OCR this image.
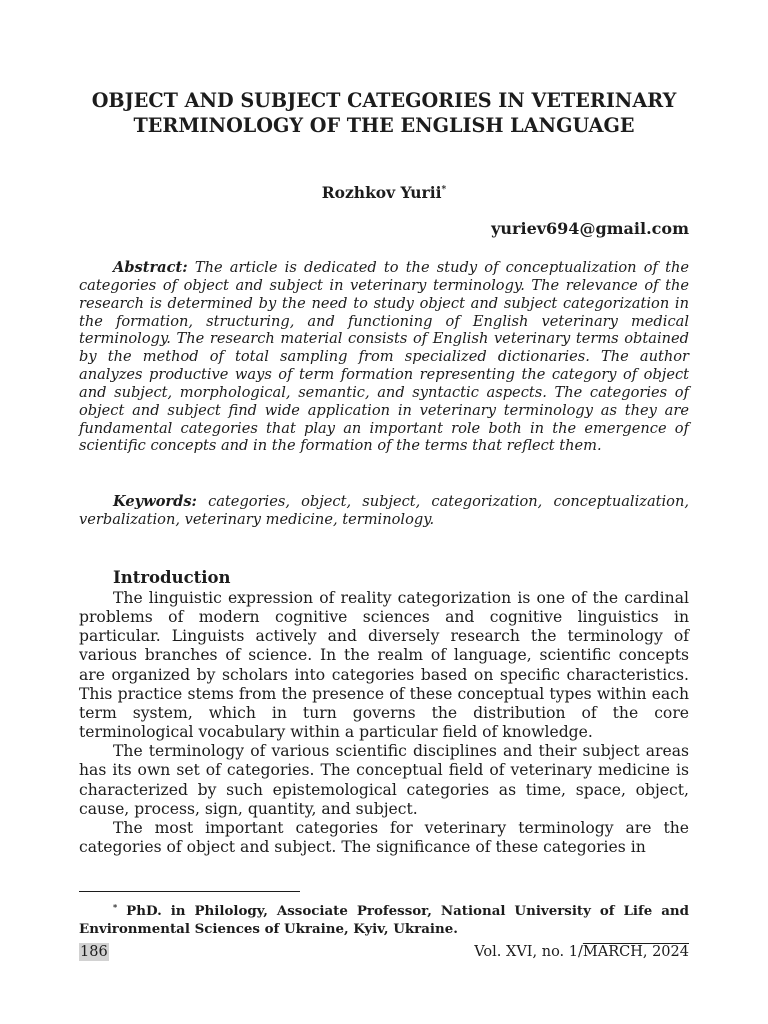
OBJECT AND SUBJECT CATEGORIES IN VETERINARY TERMINOLOGY OF THE ENGLISH LANGUAGE
Rozhkov Yurii*
yuriev694@gmail.com

Abstract: The article is dedicated to the study of conceptualization of the categories of object and subject in veterinary terminology. The relevance of the research is determined by the need to study object and subject categorization in the formation, structuring, and functioning of English veterinary medical terminology. The research material consists of English veterinary terms obtained by the method of total sampling from specialized dictionaries. The author analyzes productive ways of term formation representing the category of object and subject, morphological, semantic, and syntactic aspects. The categories of object and subject find wide application in veterinary terminology as they are fundamental categories that play an important role both in the emergence of scientific concepts and in the formation of the terms that reflect them.

Keywords: categories, object, subject, categorization, conceptualization, verbalization, veterinary medicine, terminology.

Introduction

The linguistic expression of reality categorization is one of the cardinal problems of modern cognitive sciences and cognitive linguistics in particular. Linguists actively and diversely research the terminology of various branches of science. In the realm of language, scientific concepts are organized by scholars into categories based on specific characteristics. This practice stems from the presence of these conceptual types within each term system, which in turn governs the distribution of the core terminological vocabulary within a particular field of knowledge.

The terminology of various scientific disciplines and their subject areas has its own set of categories. The conceptual field of veterinary medicine is characterized by such epistemological categories as time, space, object, cause, process, sign, quantity, and subject.

The most important categories for veterinary terminology are the categories of object and subject. The significance of these categories in

* PhD. in Philology, Associate Professor, National University of Life and Environmental Sciences of Ukraine, Kyiv, Ukraine.

186	Vol. XVI, no. 1/MARCH, 2024
